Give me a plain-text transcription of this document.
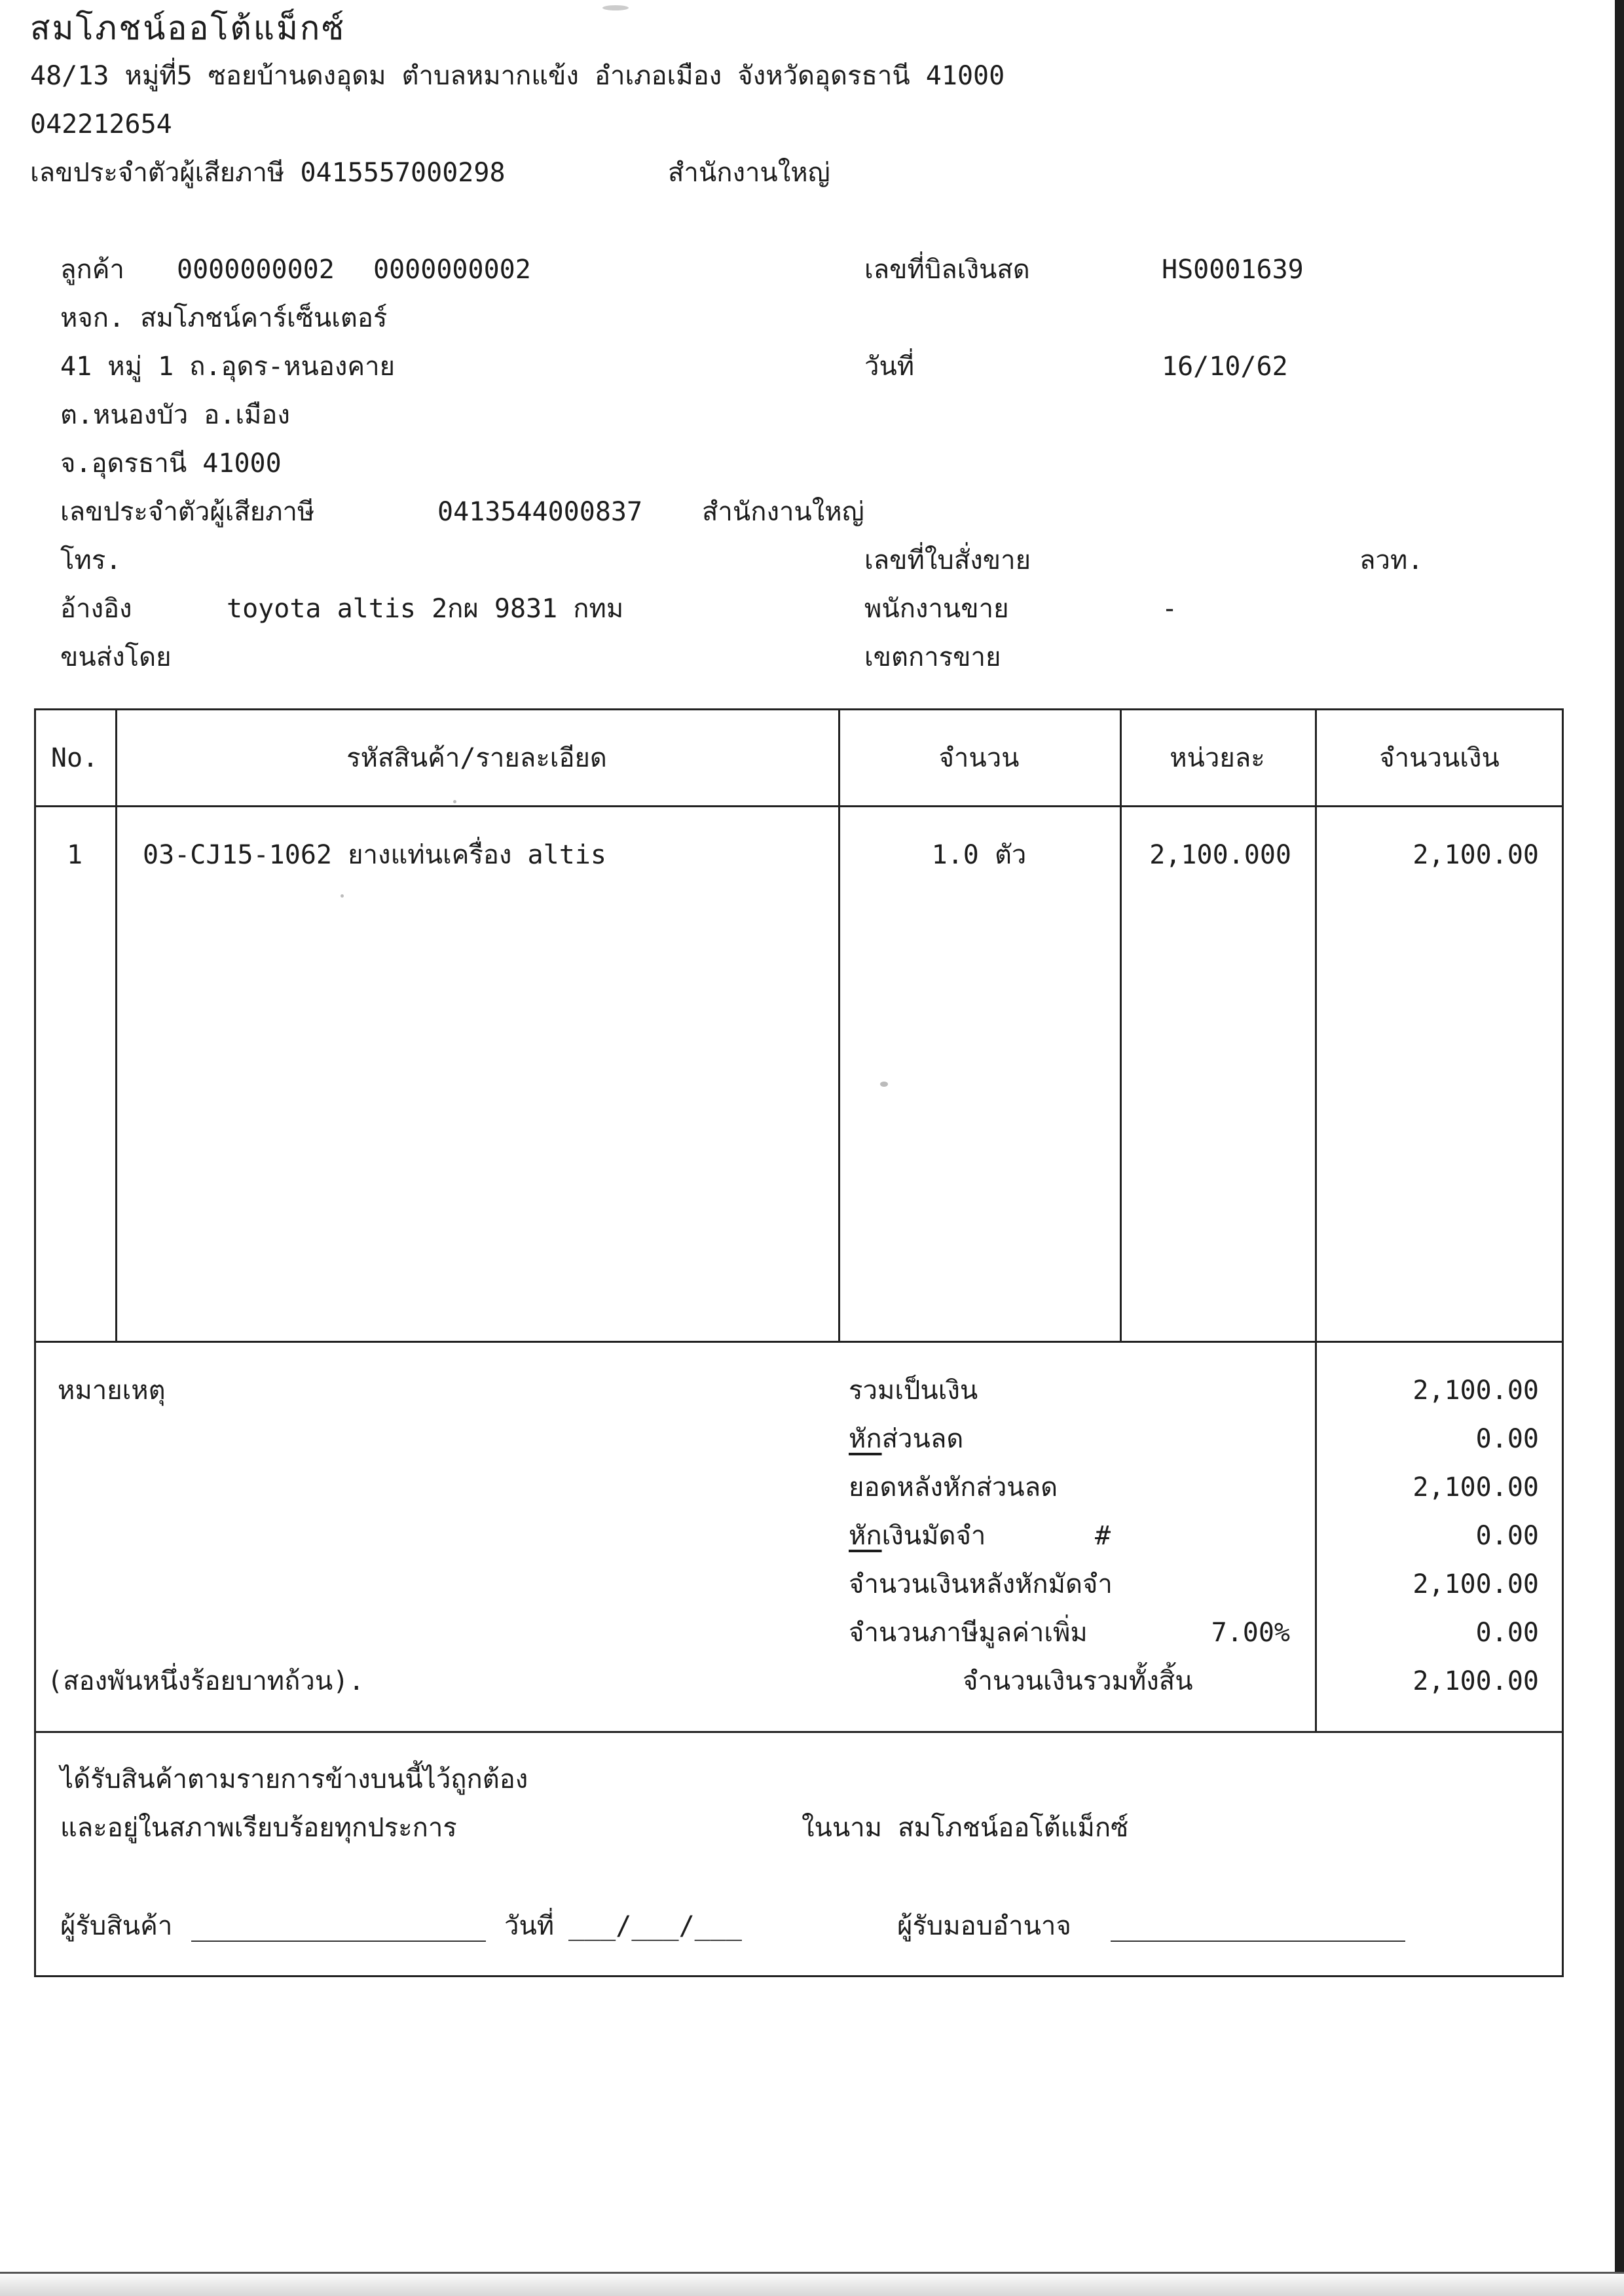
สมโภชน์ออโต้แม็กซ์
48/13 หมู่ที่5 ซอยบ้านดงอุดม ตำบลหมากแข้ง อำเภอเมือง จังหวัดอุดรธานี 41000
042212654
เลขประจำตัวผู้เสียภาษี 0415557000298	สำนักงานใหญ่
ลูกค้า 0000000002 0000000002
หจก. สมโภชน์คาร์เซ็นเตอร์
41 หมู่ 1 ถ.อุดร-หนองคาย
ต.หนองบัว อ.เมือง
จ.อุดรธานี 41000
เลขประจำตัวผู้เสียภาษี	0413544000837 สำนักงานใหญ่
โทร.
อ้างอิง	toyota altis 2กผ 9831 กทม
ขนส่งโดย
เลขที่บิลเงินสด	HS0001639
วันที่	16/10/62
เลขที่ใบสั่งขาย	ลวท.
พนักงานขาย	-
เขตการขาย
No.	รหัสสินค้า/รายละเอียด	จำนวน	หน่วยละ	จำนวนเงิน
1	03-CJ15-1062 ยางแท่นเครื่อง altis	1.0 ตัว	2,100.000	2,100.00
หมายเหตุ	รวมเป็นเงิน	2,100.00
หักส่วนลด	0.00
ยอดหลังหักส่วนลด	2,100.00
หักเงินมัดจำ	#	0.00
จำนวนเงินหลังหักมัดจำ	2,100.00
จำนวนภาษีมูลค่าเพิ่ม	7.00%	0.00
(สองพันหนึ่งร้อยบาทถ้วน).	จำนวนเงินรวมทั้งสิ้น	2,100.00
ได้รับสินค้าตามรายการข้างบนนี้ไว้ถูกต้อง
และอยู่ในสภาพเรียบร้อยทุกประการ	ในนาม สมโภชน์ออโต้แม็กซ์
ผู้รับสินค้า	วันที่ ___/___/___	ผู้รับมอบอำนาจ
